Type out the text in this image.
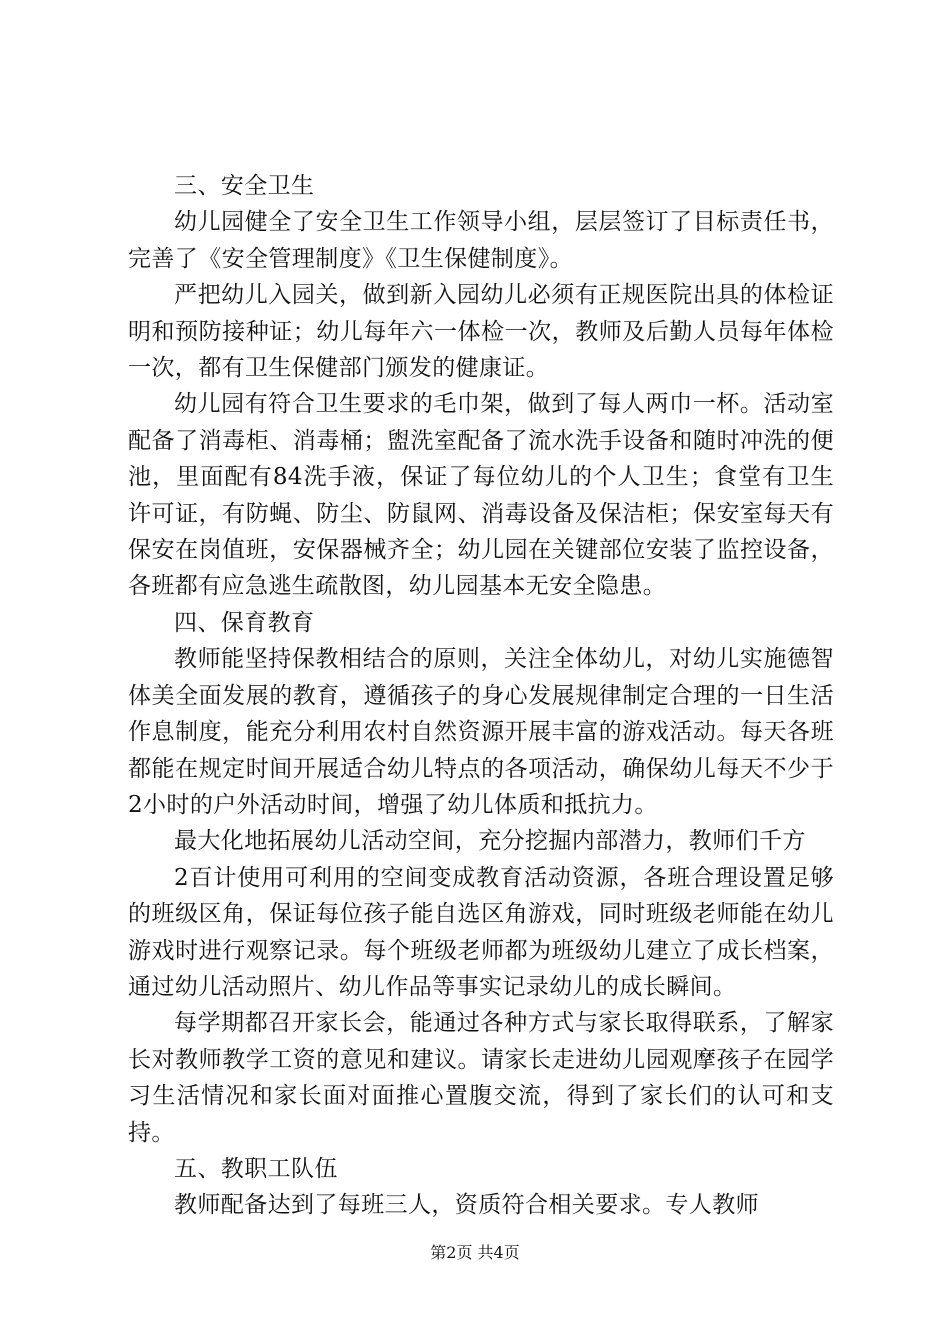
三、安全卫生

幼儿园健全了安全卫生工作领导小组，层层签订了目标责任书，完善了《安全管理制度》《卫生保健制度》。

严把幼儿入园关，做到新入园幼儿必须有正规医院出具的体检证明和预防接种证；幼儿每年六一体检一次，教师及后勤人员每年体检一次，都有卫生保健部门颁发的健康证。

幼儿园有符合卫生要求的毛巾架，做到了每人两巾一杯。活动室配备了消毒柜、消毒桶；盥洗室配备了流水洗手设备和随时冲洗的便池，里面配有84洗手液，保证了每位幼儿的个人卫生；食堂有卫生许可证，有防蝇、防尘、防鼠网、消毒设备及保洁柜；保安室每天有保安在岗值班，安保器械齐全；幼儿园在关键部位安装了监控设备，各班都有应急逃生疏散图，幼儿园基本无安全隐患。

四、保育教育

教师能坚持保教相结合的原则，关注全体幼儿，对幼儿实施德智体美全面发展的教育，遵循孩子的身心发展规律制定合理的一日生活作息制度，能充分利用农村自然资源开展丰富的游戏活动。每天各班都能在规定时间开展适合幼儿特点的各项活动，确保幼儿每天不少于2小时的户外活动时间，增强了幼儿体质和抵抗力。

最大化地拓展幼儿活动空间，充分挖掘内部潜力，教师们千方

2百计使用可利用的空间变成教育活动资源，各班合理设置足够的班级区角，保证每位孩子能自选区角游戏，同时班级老师能在幼儿游戏时进行观察记录。每个班级老师都为班级幼儿建立了成长档案，通过幼儿活动照片、幼儿作品等事实记录幼儿的成长瞬间。

每学期都召开家长会，能通过各种方式与家长取得联系，了解家长对教师教学工资的意见和建议。请家长走进幼儿园观摩孩子在园学习生活情况和家长面对面推心置腹交流，得到了家长们的认可和支持。

五、教职工队伍

教师配备达到了每班三人，资质符合相关要求。专人教师

第2页 共4页
